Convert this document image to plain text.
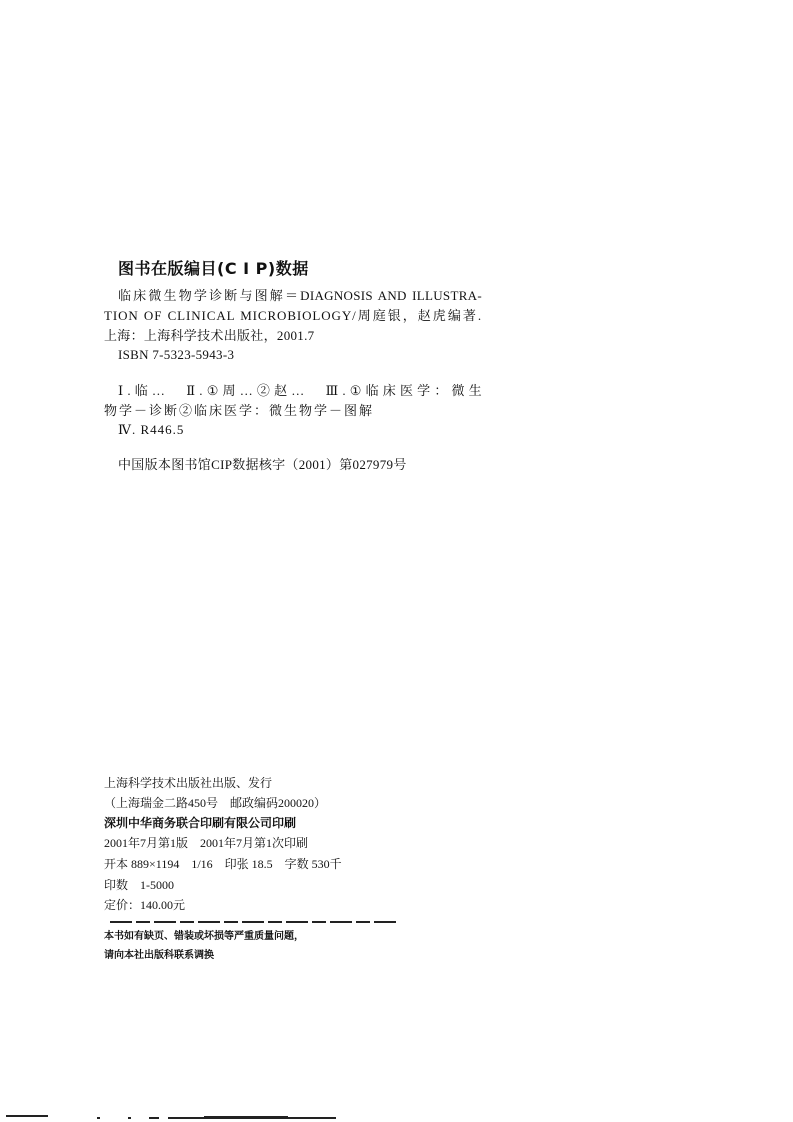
图书在版编目(C I P)数据
临床微生物学诊断与图解＝DIAGNOSIS AND ILLUSTRA-
TION OF CLINICAL MICROBIOLOGY/周庭银，赵虎编著.
上海：上海科学技术出版社，2001.7
ISBN 7-5323-5943-3
Ⅰ.临…　Ⅱ.①周…②赵…　Ⅲ.①临床医学：微生
物学－诊断②临床医学：微生物学－图解
Ⅳ. R446.5
中国版本图书馆CIP数据核字（2001）第027979号
上海科学技术出版社出版、发行
（上海瑞金二路450号　邮政编码200020）
深圳中华商务联合印刷有限公司印刷
2001年7月第1版　2001年7月第1次印刷
开本 889×1194　1/16　印张 18.5　字数 530千
印数　1-5000
定价：140.00元
本书如有缺页、错装或坏损等严重质量问题，
请向本社出版科联系调换
